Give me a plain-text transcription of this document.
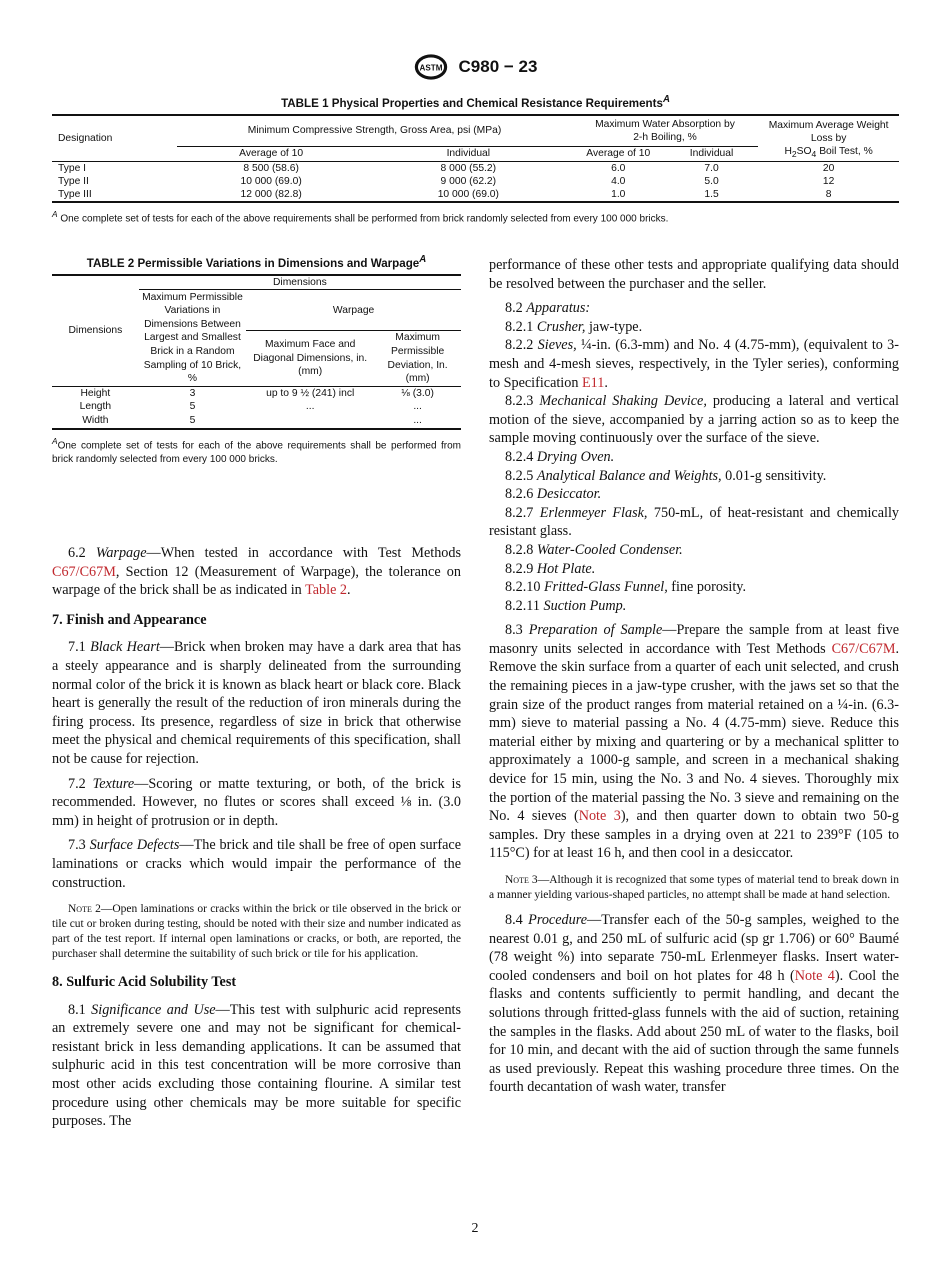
ASTM C980 − 23
TABLE 1 Physical Properties and Chemical Resistance Requirements$^A$
Designation	Minimum Compressive Strength, Gross Area, psi (MPa)		Maximum Water Absorption by 2-h Boiling, %		Maximum Average Weight Loss by
$H_2SO_4$ Boil Test, %
	Average of 10	Individual	Average of 10	Individual	
Type I	8 500 (58.6)	8 000 (55.2)	6.0	7.0	20
Type II	10 000 (69.0)	9 000 (62.2)	4.0	5.0	12
Type III	12 000 (82.8)	10 000 (69.0)	1.0	1.5	8
$^A$ One complete set of tests for each of the above requirements shall be performed from brick randomly selected from every 100 000 bricks.
TABLE 2 Permissible Variations in Dimensions and Warpage$^A$
Dimensions	Dimensions		
	Maximum Permissible Variations in Dimensions Between Largest and Smallest Brick in a Random Sampling of 10 Brick, %	Warpage	
		Maximum Face and Diagonal Dimensions, in. (mm)	Maximum Permissible Deviation, In. (mm)
Height	3	up to 9 ½ (241) incl	⅛ (3.0)
Length	5	...	...
Width	5		...
$^A$One complete set of tests for each of the above requirements shall be performed from brick randomly selected from every 100 000 bricks.

6.2 Warpage—When tested in accordance with Test Methods C67/C67M, Section 12 (Measurement of Warpage), the tolerance on warpage of the brick shall be as indicated in Table 2.

7. Finish and Appearance

7.1 Black Heart—Brick when broken may have a dark area that has a steely appearance and is sharply delineated from the surrounding normal color of the brick it is known as black heart or black core. Black heart is generally the result of the reduction of iron minerals during the firing process. Its presence, regardless of size in brick that otherwise meet the physical and chemical requirements of this specification, shall not be cause for rejection.

7.2 Texture—Scoring or matte texturing, or both, of the brick is recommended. However, no flutes or scores shall exceed ⅛ in. (3.0 mm) in height of protrusion or in depth.

7.3 Surface Defects—The brick and tile shall be free of open surface laminations or cracks which would impair the performance of the construction.

Note 2—Open laminations or cracks within the brick or tile observed in the brick or tile cut or broken during testing, should be noted with their size and number indicated as part of the test report. If internal open laminations or cracks, or both, are reported, the purchaser shall determine the suitability of such brick or tile for his application.

8. Sulfuric Acid Solubility Test

8.1 Significance and Use—This test with sulphuric acid represents an extremely severe one and may not be significant for chemical-resistant brick in less demanding applications. It can be assumed that sulphuric acid in this test concentration will be more corrosive than most other acids excluding those containing flourine. A similar test procedure using other chemicals may be more suitable for specific purposes. The

performance of these other tests and appropriate qualifying data should be resolved between the purchaser and the seller.

8.2 Apparatus:

8.2.1 Crusher, jaw-type.

8.2.2 Sieves, ¼-in. (6.3-mm) and No. 4 (4.75-mm), (equivalent to 3-mesh and 4-mesh sieves, respectively, in the Tyler series), conforming to Specification E11.

8.2.3 Mechanical Shaking Device, producing a lateral and vertical motion of the sieve, accompanied by a jarring action so as to keep the sample moving continuously over the surface of the sieve.

8.2.4 Drying Oven.

8.2.5 Analytical Balance and Weights, 0.01-g sensitivity.

8.2.6 Desiccator.

8.2.7 Erlenmeyer Flask, 750-mL, of heat-resistant and chemically resistant glass.

8.2.8 Water-Cooled Condenser.

8.2.9 Hot Plate.

8.2.10 Fritted-Glass Funnel, fine porosity.

8.2.11 Suction Pump.

8.3 Preparation of Sample—Prepare the sample from at least five masonry units selected in accordance with Test Methods C67/C67M. Remove the skin surface from a quarter of each unit selected, and crush the remaining pieces in a jaw-type crusher, with the jaws set so that the grain size of the product ranges from material retained on a ¼-in. (6.3-mm) sieve to material passing a No. 4 (4.75-mm) sieve. Reduce this material either by mixing and quartering or by a mechanical splitter to approximately a 1000-g sample, and screen in a mechanical shaking device for 15 min, using the No. 3 and No. 4 sieves. Thoroughly mix the portion of the material passing the No. 3 sieve and remaining on the No. 4 sieves (Note 3), and then quarter down to obtain two 50-g samples. Dry these samples in a drying oven at 221 to 239°F (105 to 115°C) for at least 16 h, and then cool in a desiccator.

Note 3—Although it is recognized that some types of material tend to break down in a manner yielding various-shaped particles, no attempt shall be made at hand selection.

8.4 Procedure—Transfer each of the 50-g samples, weighed to the nearest 0.01 g, and 250 mL of sulfuric acid (sp gr 1.706) or 60° Baumé (78 weight %) into separate 750-mL Erlenmeyer flasks. Insert water-cooled condensers and boil on hot plates for 48 h (Note 4). Cool the flasks and contents sufficiently to permit handling, and decant the solutions through fritted-glass funnels with the aid of suction, retaining the samples in the flasks. Add about 250 mL of water to the flasks, boil for 10 min, and decant with the aid of suction through the same funnels as used previously. Repeat this washing procedure three times. On the fourth decantation of wash water, transfer

2
